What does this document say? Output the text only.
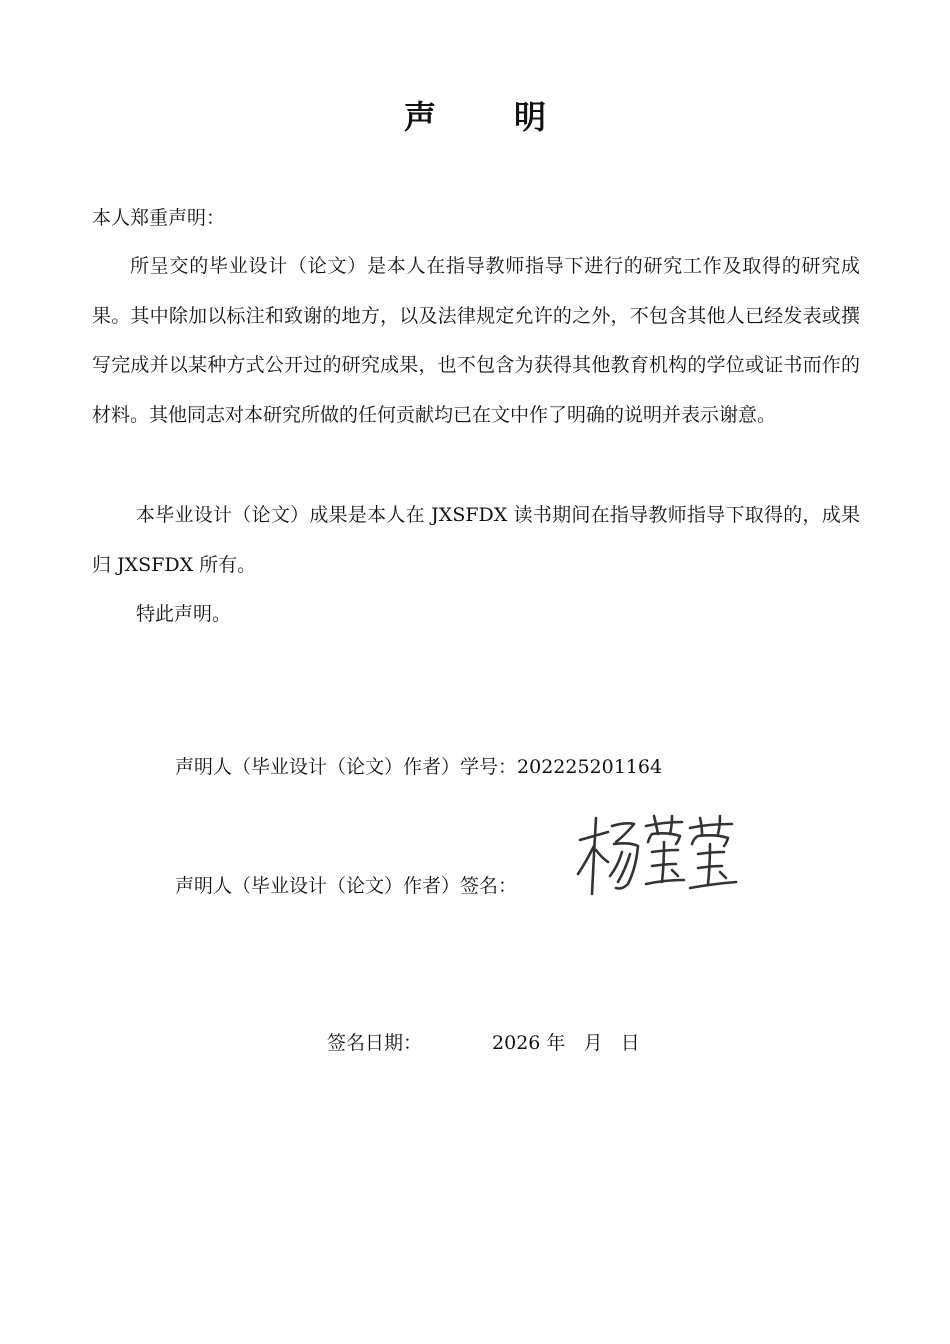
声 明
本人郑重声明：
所呈交的毕业设计（论文）是本人在指导教师指导下进行的研究工作及取得的研究成果。其中除加以标注和致谢的地方，以及法律规定允许的之外，不包含其他人已经发表或撰写完成并以某种方式公开过的研究成果，也不包含为获得其他教育机构的学位或证书而作的材料。其他同志对本研究所做的任何贡献均已在文中作了明确的说明并表示谢意。
本毕业设计（论文）成果是本人在 JXSFDX 读书期间在指导教师指导下取得的，成果归 JXSFDX 所有。
特此声明。
声明人（毕业设计（论文）作者）学号：202225201164
声明人（毕业设计（论文）作者）签名：
签名日期：	2026 年 月 日
